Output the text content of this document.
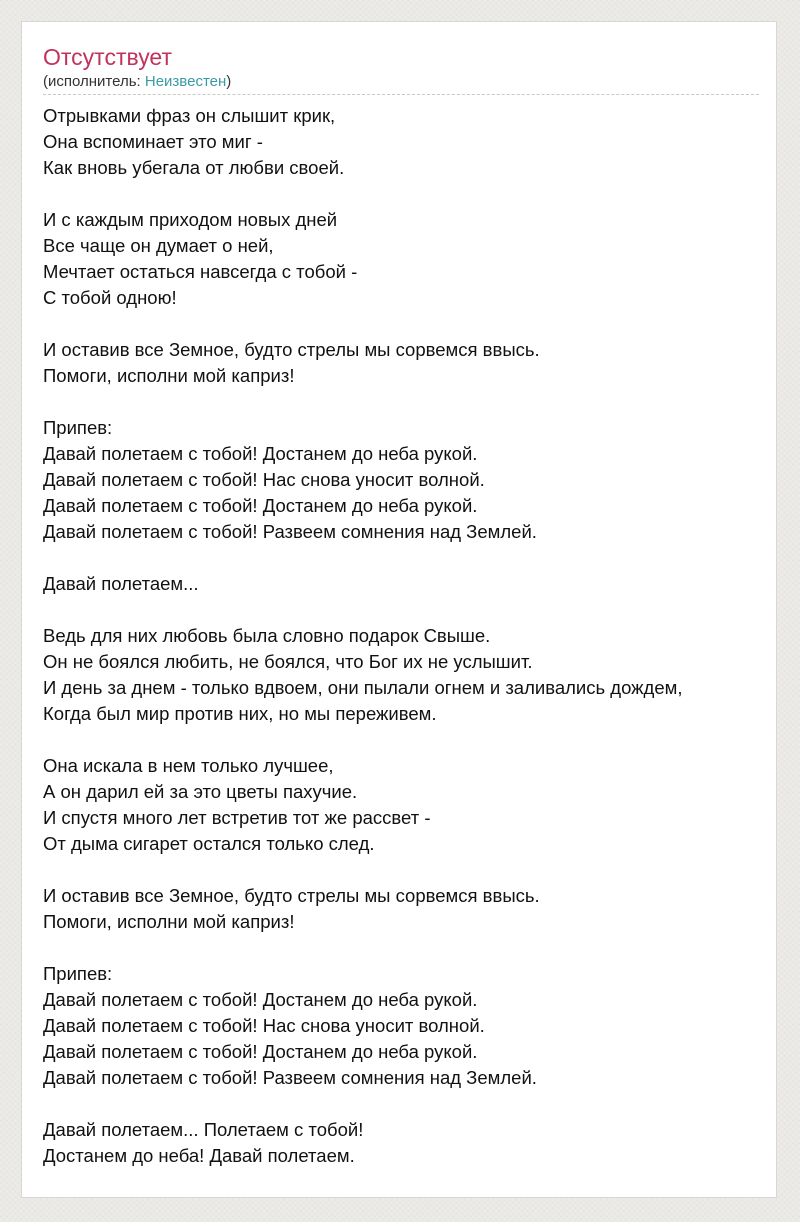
Отсутствует
(исполнитель: Неизвестен)
Отрывками фраз он слышит крик,
Она вспоминает это миг -
Как вновь убегала от любви своей.
И с каждым приходом новых дней
Все чаще он думает о ней,
Мечтает остаться навсегда с тобой -
С тобой одною!
И оставив все Земное, будто стрелы мы сорвемся ввысь.
Помоги, исполни мой каприз!
Припев:
Давай полетаем с тобой! Достанем до неба рукой.
Давай полетаем с тобой! Нас снова уносит волной.
Давай полетаем с тобой! Достанем до неба рукой.
Давай полетаем с тобой! Развеем сомнения над Землей.
Давай полетаем...
Ведь для них любовь была словно подарок Свыше.
Он не боялся любить, не боялся, что Бог их не услышит.
И день за днем - только вдвоем, они пылали огнем и заливались дождем,
Когда был мир против них, но мы переживем.
Она искала в нем только лучшее,
А он дарил ей за это цветы пахучие.
И спустя много лет встретив тот же рассвет -
От дыма сигарет остался только след.
И оставив все Земное, будто стрелы мы сорвемся ввысь.
Помоги, исполни мой каприз!
Припев:
Давай полетаем с тобой! Достанем до неба рукой.
Давай полетаем с тобой! Нас снова уносит волной.
Давай полетаем с тобой! Достанем до неба рукой.
Давай полетаем с тобой! Развеем сомнения над Землей.
Давай полетаем... Полетаем с тобой!
Достанем до неба! Давай полетаем.
